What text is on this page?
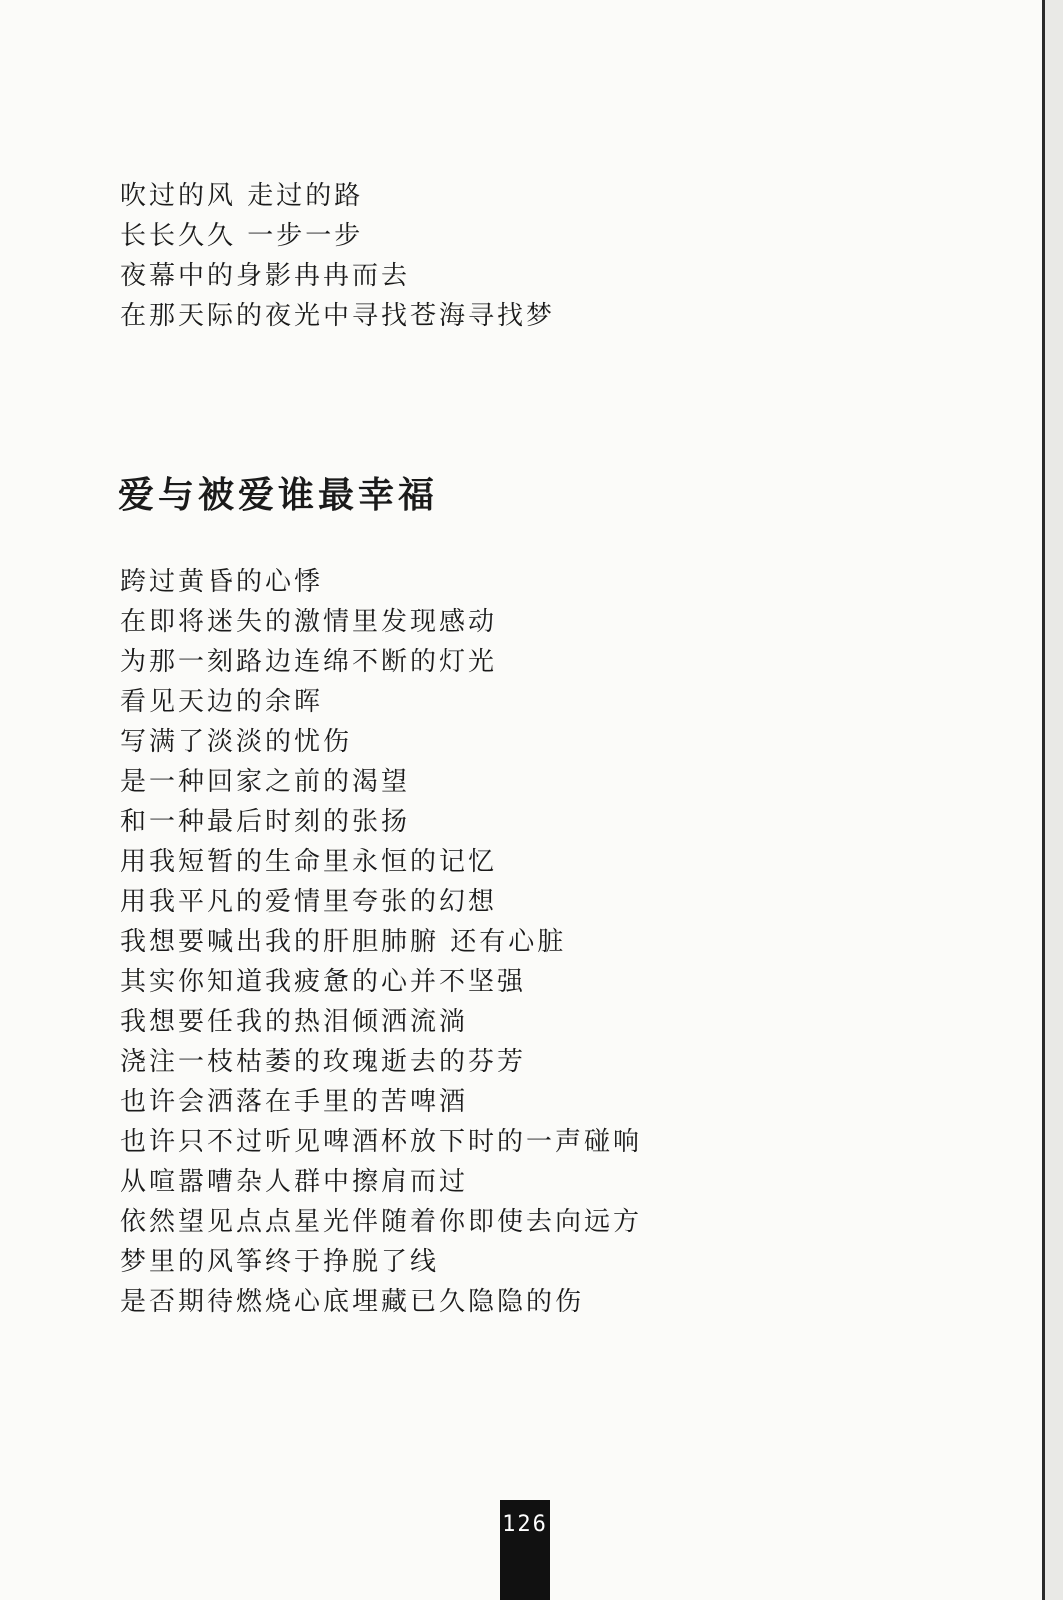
吹过的风 走过的路
长长久久 一步一步
夜幕中的身影冉冉而去
在那天际的夜光中寻找苍海寻找梦
爱与被爱谁最幸福
跨过黄昏的心悸
在即将迷失的激情里发现感动
为那一刻路边连绵不断的灯光
看见天边的余晖
写满了淡淡的忧伤
是一种回家之前的渴望
和一种最后时刻的张扬
用我短暂的生命里永恒的记忆
用我平凡的爱情里夸张的幻想
我想要喊出我的肝胆肺腑 还有心脏
其实你知道我疲惫的心并不坚强
我想要任我的热泪倾洒流淌
浇注一枝枯萎的玫瑰逝去的芬芳
也许会洒落在手里的苦啤酒
也许只不过听见啤酒杯放下时的一声碰响
从喧嚣嘈杂人群中擦肩而过
依然望见点点星光伴随着你即使去向远方
梦里的风筝终于挣脱了线
是否期待燃烧心底埋藏已久隐隐的伤
126
